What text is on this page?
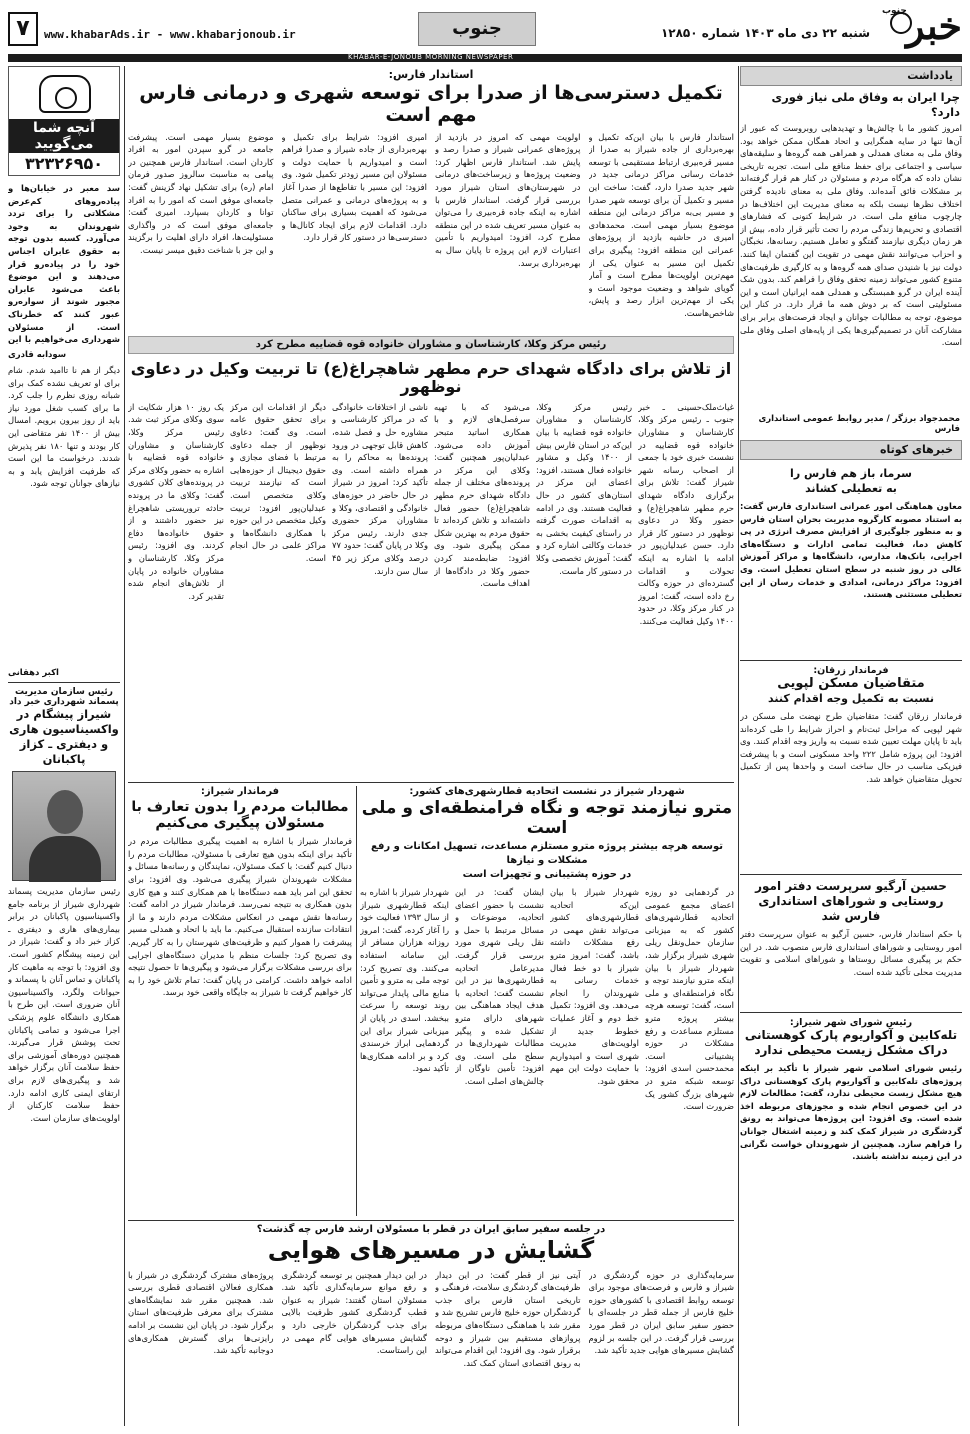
خبر
جنوب
شنبه ۲۲ دی ماه ۱۴۰۳ شماره ۱۲۸۵۰
جنوب
www.khabarAds.ir - www.khabarjonoub.ir
۷
KHABAR-E-JONOUB MORNING NEWSPAPER
یادداشت
چرا ایران به وفاق ملی نیاز فوری دارد؟
امروز کشور ما با چالش‌ها و تهدیدهایی روبروست که عبور از آن‌ها تنها در سایه همگرایی و اتحاد همگان ممکن خواهد بود. وفاق ملی به معنای همدلی و همراهی همه گروه‌ها و سلیقه‌های سیاسی و اجتماعی برای حفظ منافع ملی است. تجربه تاریخی نشان داده که هرگاه مردم و مسئولان در کنار هم قرار گرفته‌اند بر مشکلات فائق آمده‌اند. وفاق ملی به معنای نادیده گرفتن اختلاف نظرها نیست بلکه به معنای مدیریت این اختلاف‌ها در چارچوب منافع ملی است. در شرایط کنونی که فشارهای اقتصادی و تحریم‌ها زندگی مردم را تحت تأثیر قرار داده، بیش از هر زمان دیگری نیازمند گفتگو و تعامل هستیم. رسانه‌ها، نخبگان و احزاب می‌توانند نقش مهمی در تقویت این گفتمان ایفا کنند. دولت نیز با شنیدن صدای همه گروه‌ها و به کارگیری ظرفیت‌های متنوع کشور می‌تواند زمینه تحقق وفاق را فراهم کند. بدون شک آینده ایران در گرو همبستگی و همدلی همه ایرانیان است و این مسئولیتی است که بر دوش همه ما قرار دارد. در کنار این موضوع، توجه به مطالبات جوانان و ایجاد فرصت‌های برابر برای مشارکت آنان در تصمیم‌گیری‌ها یکی از پایه‌های اصلی وفاق ملی است.
محمدجواد برزگر / مدیر روابط عمومی استانداری فارس
خبرهای کوتاه
سرما، باز هم فارس را
به تعطیلی کشاند
معاون هماهنگی امور عمرانی استانداری فارس گفت: به استناد مصوبه کارگروه مدیریت بحران استان فارس و به منظور جلوگیری از افزایش مصرف انرژی در پی کاهش دما، فعالیت تمامی ادارات و دستگاه‌های اجرایی، بانک‌ها، مدارس، دانشگاه‌ها و مراکز آموزش عالی در روز شنبه در سطح استان تعطیل است. وی افزود: مراکز درمانی، امدادی و خدمات رسان از این تعطیلی مستثنی هستند.
فرماندار زرقان:
متقاضیان مسکن لپویی
نسبت به تکمیل وجه اقدام کنند
فرماندار زرقان گفت: متقاضیان طرح نهضت ملی مسکن در شهر لپویی که مراحل ثبت‌نام و احراز شرایط را طی کرده‌اند باید تا پایان مهلت تعیین شده نسبت به واریز وجه اقدام کنند. وی افزود: این پروژه شامل ۲۲۲ واحد مسکونی است و با پیشرفت فیزیکی مناسب در حال ساخت است و واحدها پس از تکمیل تحویل متقاضیان خواهد شد.
حسین آرگیو سرپرست دفتر امور روستایی و شوراهای استانداری فارس شد
با حکم استاندار فارس، حسین آرگیو به عنوان سرپرست دفتر امور روستایی و شوراهای استانداری فارس منصوب شد. در این حکم بر پیگیری مسائل روستاها و شوراهای اسلامی و تقویت مدیریت محلی تأکید شده است.
رئیس شورای شهر شیراز:
تله‌کابین و آکواریوم پارک کوهستانی دراک مشکل زیست محیطی ندارد
رئیس شورای اسلامی شهر شیراز با تأکید بر اینکه پروژه‌های تله‌کابین و آکواریوم پارک کوهستانی دراک هیچ مشکل زیست محیطی ندارد، گفت: مطالعات لازم در این خصوص انجام شده و مجوزهای مربوطه اخذ شده است. وی افزود: این پروژه‌ها می‌تواند به رونق گردشگری در شیراز کمک کند و زمینه اشتغال جوانان را فراهم سازد. همچنین از شهروندان خواست نگرانی در این زمینه نداشته باشند.
آنچه شما می‌گویید
۳۲۳۲۶۹۵۰
سد معبر در خیابان‌ها و پیاده‌روهای کم‌عرض مشکلاتی را برای تردد شهروندان به وجود می‌آورد. کسبه بدون توجه به حقوق عابران اجناس خود را در پیاده‌رو قرار می‌دهند و این موضوع باعث می‌شود عابران مجبور شوند از سواره‌رو عبور کنند که خطرناک است. از مسئولان شهرداری می‌خواهیم با این
سودابه قادری
دیگر از هم نا تاامید شدم. شام برای او تعریف نشده کمک برای شبانه روزی نظرم را جلب کرد. ما برای کسب شغل مورد نیاز باید از روز بیرون برویم. امسال بیش از ۱۴۰۰ نفر متقاضی این کار بودند و تنها ۱۸۰ نفر پذیرش شدند. درخواست ما این است که ظرفیت افزایش یابد و به نیازهای جوانان توجه شود.
اکبر دهقانی
رئیس سازمان مدیریت پسماند شهرداری خبر داد
شیراز پیشگام در واکسیناسیون هاری و دیفتری ـ کزاز پاکبانان
رئیس سازمان مدیریت پسماند شهرداری شیراز از برنامه جامع واکسیناسیون پاکبانان در برابر بیماری‌های هاری و دیفتری ـ کزاز خبر داد و گفت: شیراز در این زمینه پیشگام کشور است. وی افزود: با توجه به ماهیت کار پاکبانان و تماس آنان با پسماند و حیوانات ولگرد، واکسیناسیون آنان ضروری است. این طرح با همکاری دانشگاه علوم پزشکی اجرا می‌شود و تمامی پاکبانان تحت پوشش قرار می‌گیرند. همچنین دوره‌های آموزشی برای حفظ سلامت آنان برگزار خواهد شد و پیگیری‌های لازم برای ارتقای ایمنی کاری ادامه دارد. حفظ سلامت کارکنان از اولویت‌های سازمان است.
استاندار فارس:
تکمیل دسترسی‌ها از صدرا برای توسعه شهری و درمانی فارس مهم است
استاندار فارس با بیان این‌که تکمیل و بهره‌برداری از جاده شیراز به صدرا از مسیر قره‌بیری ارتباط مستقیمی با توسعه خدمات رسانی مراکز درمانی جدید در شهر جدید صدرا دارد، گفت: ساخت این مسیر و تکمیل آن برای توسعه شهر صدرا و مسیر بی‌به مراکز درمانی این منطقه موضوع بسیار مهمی است. محمدهادی امیری در حاشیه بازدید از پروژه‌های عمرانی این منطقه افزود: پیگیری برای تکمیل این مسیر به عنوان یکی از مهم‌ترین اولویت‌ها مطرح است و آمار گویای شواهد و وضعیت موجود است و یکی از مهم‌ترین ابزار رصد و پایش، شاخص‌هاست.
اولویت مهمی که امروز در بازدید از پروژه‌های عمرانی شیراز و صدرا رصد و پایش شد. استاندار فارس اظهار کرد: وضعیت پروژه‌ها و زیرساخت‌های درمانی در شهرستان‌های استان شیراز مورد بررسی قرار گرفت. استاندار فارس با اشاره به اینکه جاده قره‌بیری را می‌توان به عنوان مسیر تعریف شده در این منطقه مطرح کرد، افزود: امیدواریم با تأمین اعتبارات لازم این پروژه تا پایان سال به بهره‌برداری برسد.
امیری افزود: شرایط برای تکمیل و بهره‌برداری از جاده شیراز و صدرا فراهم است و امیدواریم با حمایت دولت و مسئولان این مسیر زودتر تکمیل شود. وی افزود: این مسیر با تقاطع‌ها از صدرا آغاز و به پروژه‌های درمانی و عمرانی متصل می‌شود که اهمیت بسیاری برای ساکنان دارد. اقدامات لازم برای ایجاد کانال‌ها و دسترسی‌ها در دستور کار قرار دارد.
موضوع بسیار مهمی است. پیشرفت جامعه در گرو سپردن امور به افراد کاردان است. استاندار فارس همچنین در پیامی به مناسبت سالروز صدور فرمان امام (ره) برای تشکیل نهاد گزینش گفت: جامعه‌ای موفق است که امور را به افراد توانا و کاردان بسپارد. امیری گفت: جامعه‌ای موفق است که در واگذاری مسئولیت‌ها، افراد دارای اهلیت را برگزیند و این جز با شناخت دقیق میسر نیست.
رئیس مرکز وکلا، کارشناسان و مشاوران خانواده قوه قضاییه مطرح کرد
از تلاش برای دادگاه شهدای حرم مطهر شاهچراغ(ع) تا تربیت وکیل در دعاوی نوظهور
غیاث‌ملک‌حسینی ـ خبر جنوب ـ رئیس مرکز وکلا، کارشناسان و مشاوران خانواده قوه قضاییه در نشست خبری خود با جمعی از اصحاب رسانه شهر شیراز گفت: تلاش برای برگزاری دادگاه شهدای حرم مطهر شاهچراغ(ع) و حضور وکلا در دعاوی نوظهور در دستور کار قرار دارد. حسن عبدلیان‌پور در ادامه با اشاره به اینکه تحولات و اقدامات گسترده‌ای در حوزه وکالت رخ داده است، گفت: امروز در کنار مرکز وکلا، در حدود ۱۴۰۰ وکیل فعالیت می‌کنند.
رئیس مرکز وکلا، کارشناسان و مشاوران خانواده قوه قضاییه با بیان این‌که در استان فارس بیش از ۱۴۰۰ وکیل و مشاور خانواده فعال هستند، افزود: اعضای این مرکز در استان‌های کشور در حال فعالیت هستند. وی در ادامه به اقدامات صورت گرفته در راستای کیفیت بخشی به خدمات وکالتی اشاره کرد و گفت: آموزش تخصصی وکلا در دستور کار ماست.
می‌شود که با تهیه سرفصل‌های لازم و با همکاری اساتید متبحر آموزش داده می‌شود. عبدلیان‌پور همچنین گفت: وکلای این مرکز در پرونده‌های مختلف از جمله دادگاه شهدای حرم مطهر شاهچراغ(ع) حضور فعال داشته‌اند و تلاش کرده‌اند تا حقوق مردم به بهترین شکل ممکن پیگیری شود. وی افزود: ضابطه‌مند کردن حضور وکلا در دادگاه‌ها از اهداف ماست.
ناشی از اختلافات خانوادگی که در مراکز کارشناسی و مشاوره حل و فصل شده، کاهش قابل توجهی در ورود پرونده‌ها به محاکم را به همراه داشته است. وی تأکید کرد: امروز در شیراز در حال حاضر در حوزه‌های خانوادگی و اقتصادی، وکلا و مشاوران مرکز حضوری جدی دارند. رئیس مرکز وکلا در پایان گفت: حدود ۷۷ درصد وکلای مرکز زیر ۴۵ سال سن دارند.
دیگر از اقدامات این مرکز برای تحقق حقوق عامه است. وی گفت: دعاوی نوظهور از جمله دعاوی مرتبط با فضای مجازی و حقوق دیجیتال از حوزه‌هایی است که نیازمند تربیت وکلای متخصص است. عبدلیان‌پور افزود: تربیت وکیل متخصص در این حوزه با همکاری دانشگاه‌ها و مراکز علمی در حال انجام است.
یک روز ۱۰ هزار شکایت از سوی وکلای مرکز ثبت شد. رئیس مرکز وکلا، کارشناسان و مشاوران خانواده قوه قضاییه با اشاره به حضور وکلای مرکز در پرونده‌های کلان کشوری گفت: وکلای ما در پرونده حادثه تروریستی شاهچراغ نیز حضور داشتند و از حقوق خانواده‌ها دفاع کردند. وی افزود: رئیس مرکز وکلا، کارشناسان و مشاوران خانواده در پایان از تلاش‌های انجام شده تقدیر کرد.
شهردار شیراز در نشست اتحادیه قطارشهری‌های کشور:
مترو نیازمند توجه و نگاه فرامنطقه‌ای و ملی است
توسعه هرچه بیشتر پروژه مترو مستلزم مساعدت، تسهیل امکانات و رفع مشکلات و نیازها
در حوزه پشتیبانی و تجهیزات است
در گردهمایی دو روزه اعضای مجمع عمومی اتحادیه قطارشهری‌های کشور که به میزبانی سازمان حمل‌ونقل ریلی شهری شیراز برگزار شد، شهردار شیراز با بیان اینکه مترو نیازمند توجه و نگاه فرامنطقه‌ای و ملی است، گفت: توسعه هرچه بیشتر پروژه مترو مستلزم مساعدت و رفع مشکلات در حوزه پشتیبانی است. محمدحسن اسدی افزود: توسعه شبکه مترو در شهرهای بزرگ کشور یک ضرورت است.
شهردار شیراز با بیان این‌که اتحادیه قطارشهری‌های کشور می‌تواند نقش مهمی در رفع مشکلات داشته باشد، گفت: امروز مترو شیراز با دو خط فعال خدمات رسانی به شهروندان را انجام می‌دهد. وی افزود: تکمیل خط دوم و آغاز عملیات خطوط جدید از اولویت‌های مدیریت شهری است و امیدواریم با حمایت دولت این مهم محقق شود.
ایشان گفت: در این نشست با حضور اعضای اتحادیه، موضوعات و مسائل مرتبط با حمل و نقل ریلی شهری مورد بررسی قرار گرفت. مدیرعامل اتحادیه قطارشهری‌ها نیز در این نشست گفت: اتحادیه با هدف ایجاد هماهنگی بین شهرهای دارای مترو تشکیل شده و پیگیر مطالبات شهرداری‌ها در سطح ملی است. وی افزود: تأمین ناوگان از چالش‌های اصلی است.
شهردار شیراز با اشاره به اینکه قطارشهری شیراز از سال ۱۳۹۳ فعالیت خود را آغاز کرده، گفت: امروز روزانه هزاران مسافر از این سامانه استفاده می‌کنند. وی تصریح کرد: توجه ملی به مترو و تأمین منابع مالی پایدار می‌تواند روند توسعه را سرعت ببخشد. اسدی در پایان از میزبانی شیراز برای این گردهمایی ابراز خرسندی کرد و بر ادامه همکاری‌ها تأکید نمود.
فرماندار شیراز:
مطالبات مردم را بدون تعارف با مسئولان پیگیری می‌کنیم
فرماندار شیراز با اشاره به اهمیت پیگیری مطالبات مردم در تأکید برای اینکه بدون هیچ تعارفی با مسئولان، مطالبات مردم را دنبال کنیم گفت: با کمک مسئولان، نمایندگان و رسانه‌ها مسائل و مشکلات شهروندان شیراز پیگیری می‌شود. وی افزود: برای تحقق این امر باید همه دستگاه‌ها با هم همکاری کنند و هیچ کاری بدون همکاری به نتیجه نمی‌رسد. فرماندار شیراز در ادامه گفت: رسانه‌ها نقش مهمی در انعکاس مشکلات مردم دارند و ما از انتقادات سازنده استقبال می‌کنیم. ما باید با اتحاد و همدلی مسیر پیشرفت را هموار کنیم و ظرفیت‌های شهرستان را به کار گیریم. وی تصریح کرد: جلسات منظم با مدیران دستگاه‌های اجرایی برای بررسی مشکلات برگزار می‌شود و پیگیری‌ها تا حصول نتیجه ادامه خواهد داشت. کرامتی در پایان گفت: تمام تلاش خود را به کار خواهیم گرفت تا شیراز به جایگاه واقعی خود برسد.
در جلسه سفیر سابق ایران در قطر با مسئولان ارشد فارس چه گذشت؟
گشایش در مسیرهای هوایی
سرمایه‌گذاری در حوزه گردشگری در شیراز و فارس و فرصت‌های موجود برای توسعه روابط اقتصادی با کشورهای حوزه خلیج فارس از جمله قطر در جلسه‌ای با حضور سفیر سابق ایران در قطر مورد بررسی قرار گرفت. در این جلسه بر لزوم گشایش مسیرهای هوایی جدید تأکید شد.
آیتی نیز از قطر گفت: در این دیدار ظرفیت‌های گردشگری سلامت، فرهنگی و تاریخی استان فارس برای جذب گردشگران حوزه خلیج فارس تشریح شد و مقرر شد با هماهنگی دستگاه‌های مربوطه پروازهای مستقیم بین شیراز و دوحه برقرار شود. وی افزود: این اقدام می‌تواند به رونق اقتصادی استان کمک کند.
در این دیدار همچنین بر توسعه گردشگری و رفع موانع سرمایه‌گذاری تأکید شد. مسئولان استان گفتند: شیراز به عنوان قطب گردشگری کشور ظرفیت بالایی برای جذب گردشگران خارجی دارد و گشایش مسیرهای هوایی گام مهمی در این راستاست.
پروژه‌های مشترک گردشگری در شیراز با همکاری فعالان اقتصادی قطری بررسی شد. همچنین مقرر شد نمایشگاه‌های مشترک برای معرفی ظرفیت‌های استان برگزار شود. در پایان این نشست بر ادامه رایزنی‌ها برای گسترش همکاری‌های دوجانبه تأکید شد.
